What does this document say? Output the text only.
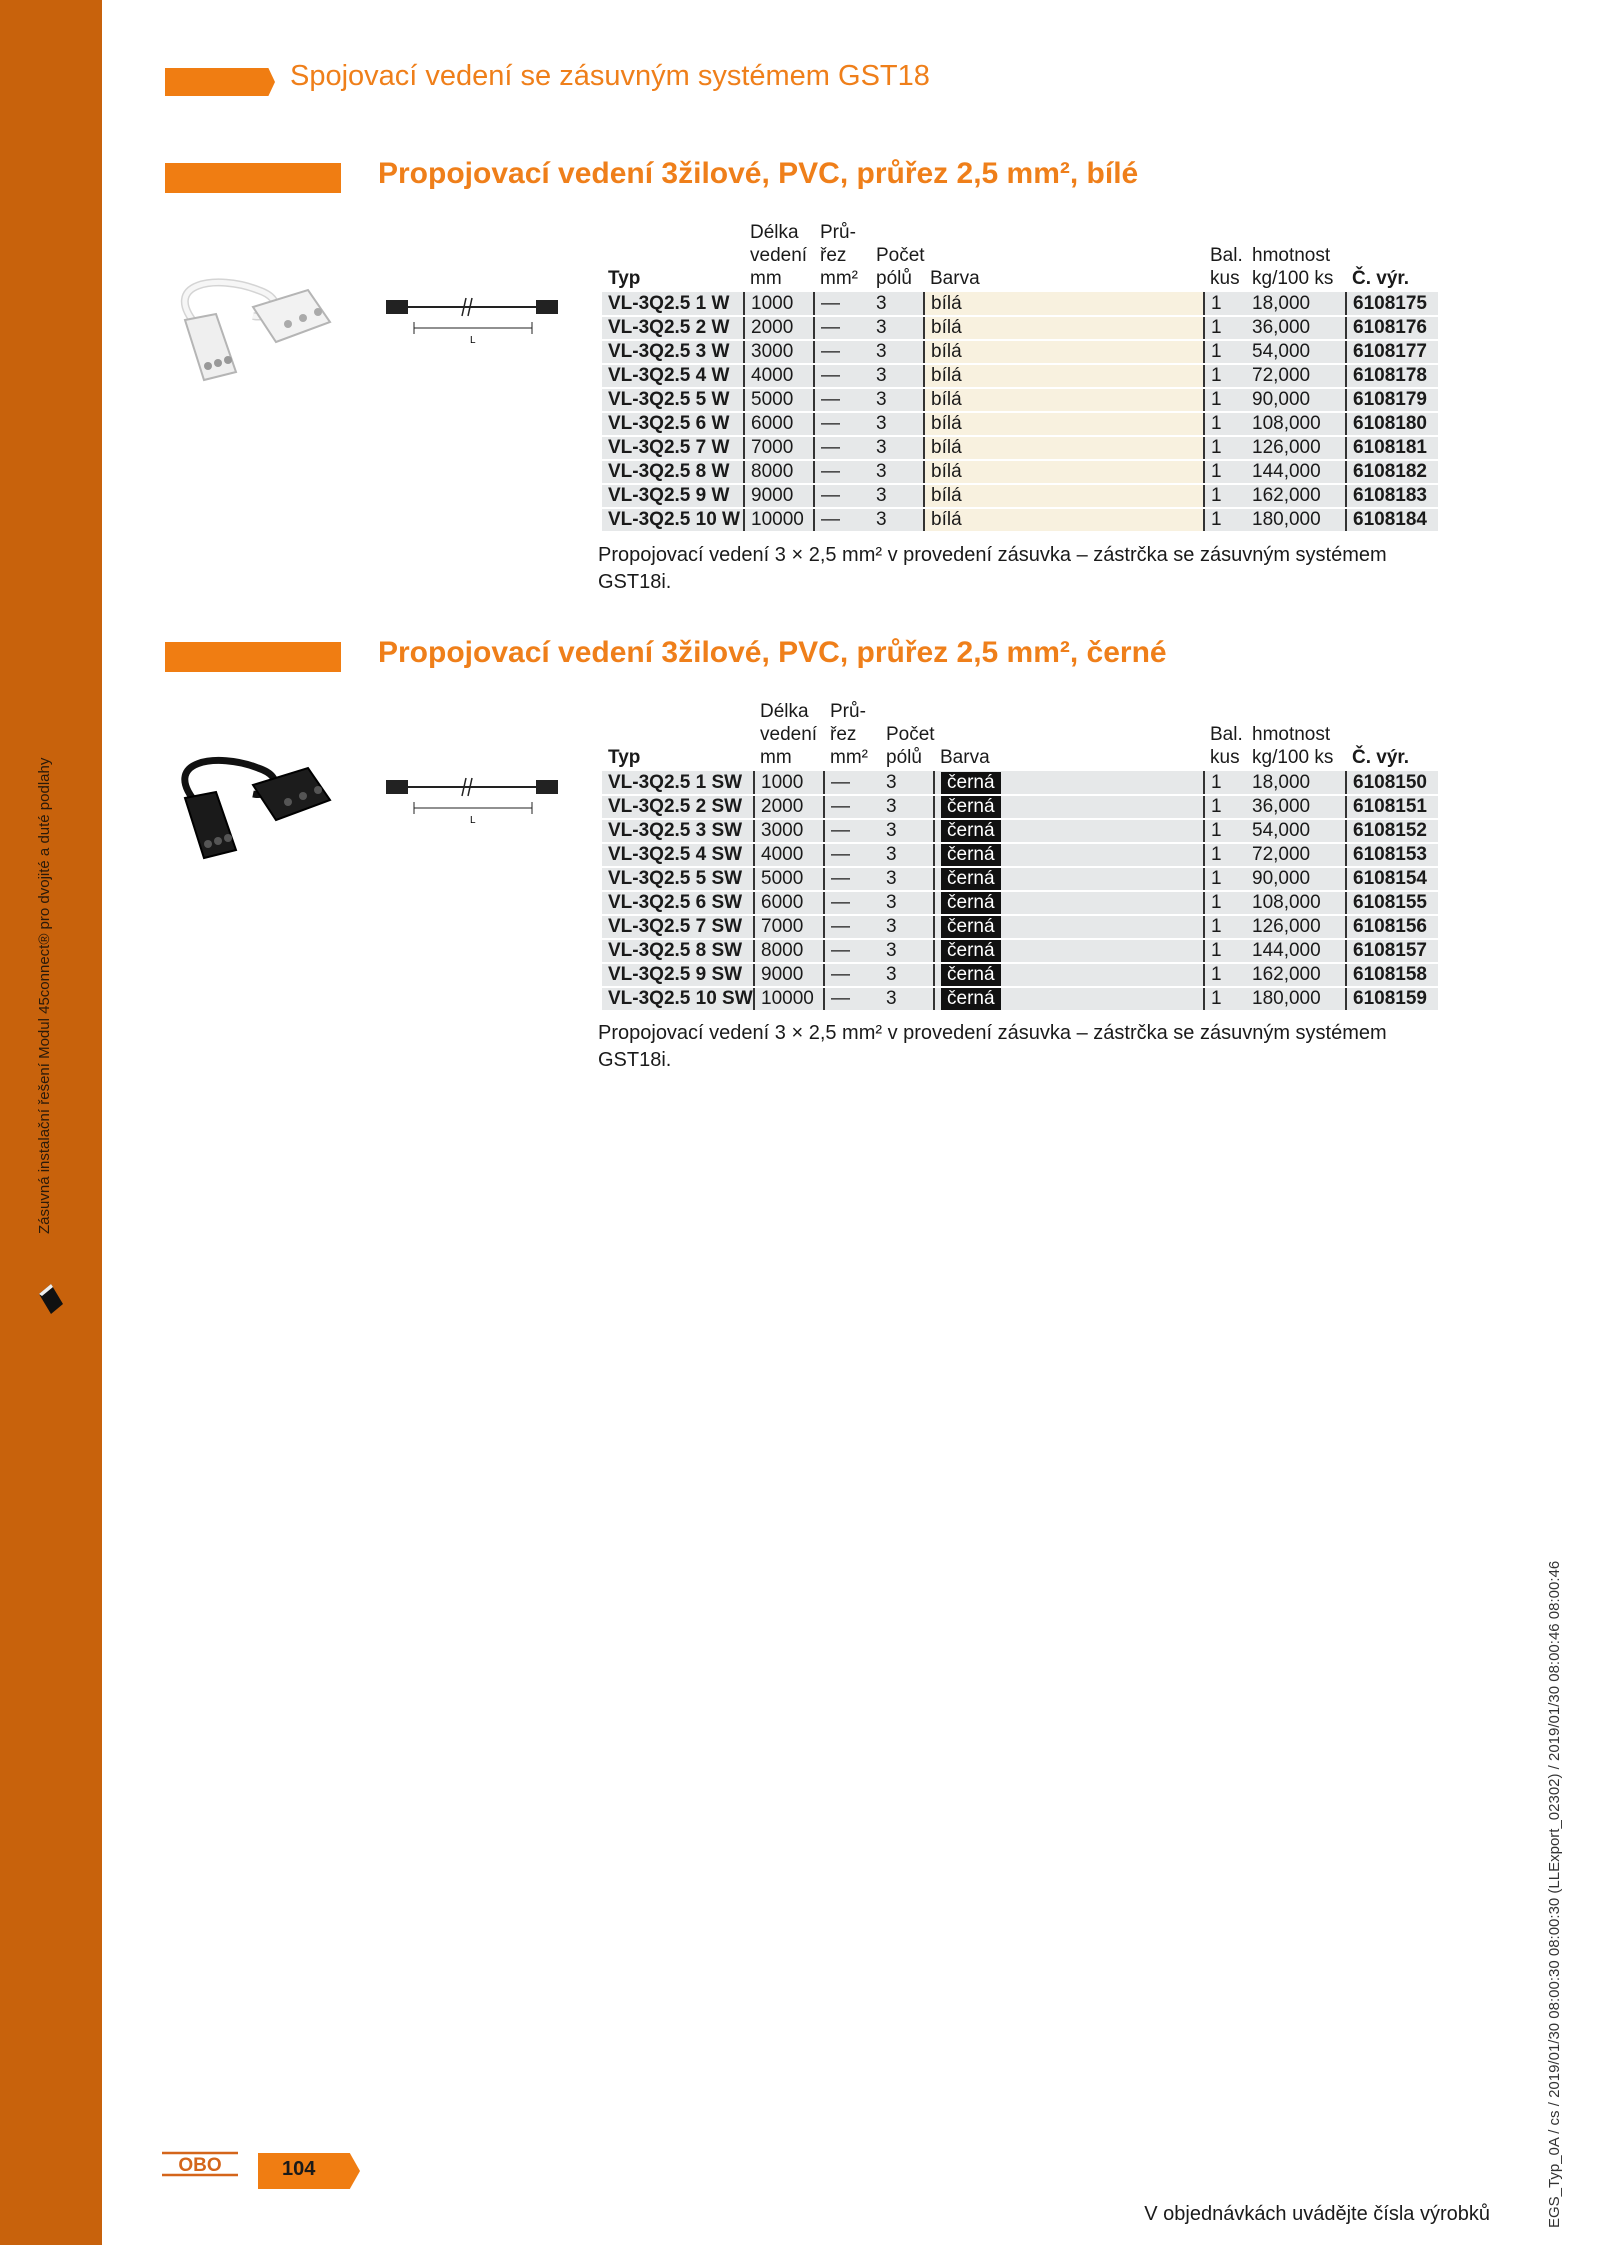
Zásuvná instalační řešení Modul 45connect® pro dvojité a duté podlahy
Spojovací vedení se zásuvným systémem GST18
Propojovací vedení 3žilové, PVC, průřez 2,5 mm², bílé
L
Typ	Délka
vedení
mm	Prů-
řez
mm²	Počet
pólů	Barva	Bal.
kus	hmotnost
kg/100 ks	Č. výr.
VL-3Q2.5 1 W	1000	—	3	bílá	1	18,000	6108175
VL-3Q2.5 2 W	2000	—	3	bílá	1	36,000	6108176
VL-3Q2.5 3 W	3000	—	3	bílá	1	54,000	6108177
VL-3Q2.5 4 W	4000	—	3	bílá	1	72,000	6108178
VL-3Q2.5 5 W	5000	—	3	bílá	1	90,000	6108179
VL-3Q2.5 6 W	6000	—	3	bílá	1	108,000	6108180
VL-3Q2.5 7 W	7000	—	3	bílá	1	126,000	6108181
VL-3Q2.5 8 W	8000	—	3	bílá	1	144,000	6108182
VL-3Q2.5 9 W	9000	—	3	bílá	1	162,000	6108183
VL-3Q2.5 10 W	10000	—	3	bílá	1	180,000	6108184
Propojovací vedení 3 × 2,5 mm² v provedení zásuvka – zástrčka se zásuvným systémem GST18i.
Propojovací vedení 3žilové, PVC, průřez 2,5 mm², černé
L
Typ	Délka
vedení
mm	Prů-
řez
mm²	Počet
pólů	Barva	Bal.
kus	hmotnost
kg/100 ks	Č. výr.
VL-3Q2.5 1 SW	1000	—	3	černá	1	18,000	6108150
VL-3Q2.5 2 SW	2000	—	3	černá	1	36,000	6108151
VL-3Q2.5 3 SW	3000	—	3	černá	1	54,000	6108152
VL-3Q2.5 4 SW	4000	—	3	černá	1	72,000	6108153
VL-3Q2.5 5 SW	5000	—	3	černá	1	90,000	6108154
VL-3Q2.5 6 SW	6000	—	3	černá	1	108,000	6108155
VL-3Q2.5 7 SW	7000	—	3	černá	1	126,000	6108156
VL-3Q2.5 8 SW	8000	—	3	černá	1	144,000	6108157
VL-3Q2.5 9 SW	9000	—	3	černá	1	162,000	6108158
VL-3Q2.5 10 SW	10000	—	3	černá	1	180,000	6108159
Propojovací vedení 3 × 2,5 mm² v provedení zásuvka – zástrčka se zásuvným systémem GST18i.
OBO	104
V objednávkách uvádějte čísla výrobků	EGS_Typ_0A / cs / 2019/01/30 08:00:30 08:00:30 (LLExport_02302) / 2019/01/30 08:00:46 08:00:46
